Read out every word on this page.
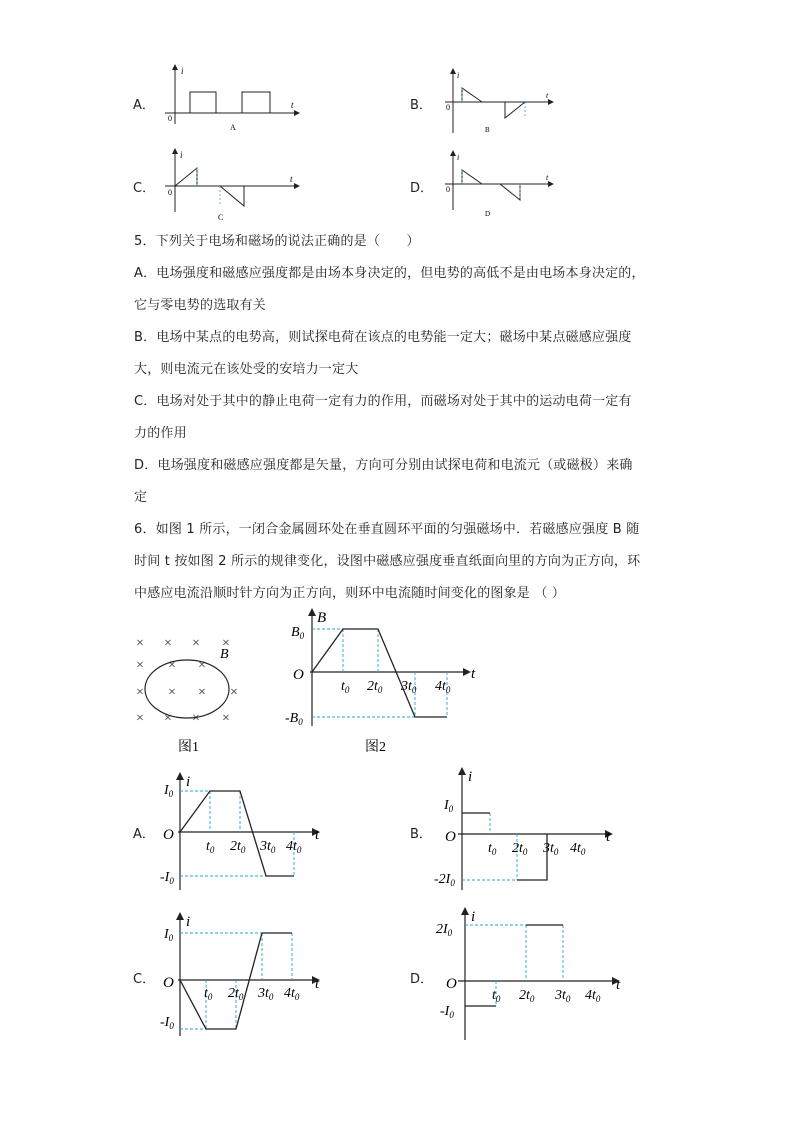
A．
i
t
0
A
B．
i
t
0
B
C．
i
t
0
C
D．
i
t
0
D

5．下列关于电场和磁场的说法正确的是（　　）

A．电场强度和磁感应强度都是由场本身决定的，但电势的高低不是由电场本身决定的，

它与零电势的选取有关

B．电场中某点的电势高，则试探电荷在该点的电势能一定大；磁场中某点磁感应强度

大，则电流元在该处受的安培力一定大

C．电场对处于其中的静止电荷一定有力的作用，而磁场对处于其中的运动电荷一定有

力的作用

D．电场强度和磁感应强度都是矢量，方向可分别由试探电荷和电流元（或磁极）来确

定

6．如图 1 所示，一闭合金属圆环处在垂直圆环平面的匀强磁场中．若磁感应强度 B 随

时间 t 按如图 2 所示的规律变化，设图中磁感应强度垂直纸面向里的方向为正方向，环

中感应电流沿顺时针方向为正方向，则环中电流随时间变化的图象是 （ ）

× × × ×
× × ×
× × × ×
× × × ×
B
图1
B
t
O
$B_0$
$-B_0$
$t_0$ $2t_0$ $3t_0$ $4t_0$
图2
A．
i
t
O
$I_0$
$-I_0$
$t_0$ $2t_0$ $3t_0$ $4t_0$
B．
i
t
O
$I_0$
$-2I_0$
$t_0$ $2t_0$ $3t_0$ $4t_0$
C．
i
t
O
$I_0$
$-I_0$
$t_0$ $2t_0$ $3t_0$ $4t_0$
D．
i
t
O
$2I_0$
$-I_0$
$t_0$ $2t_0$ $3t_0$ $4t_0$
